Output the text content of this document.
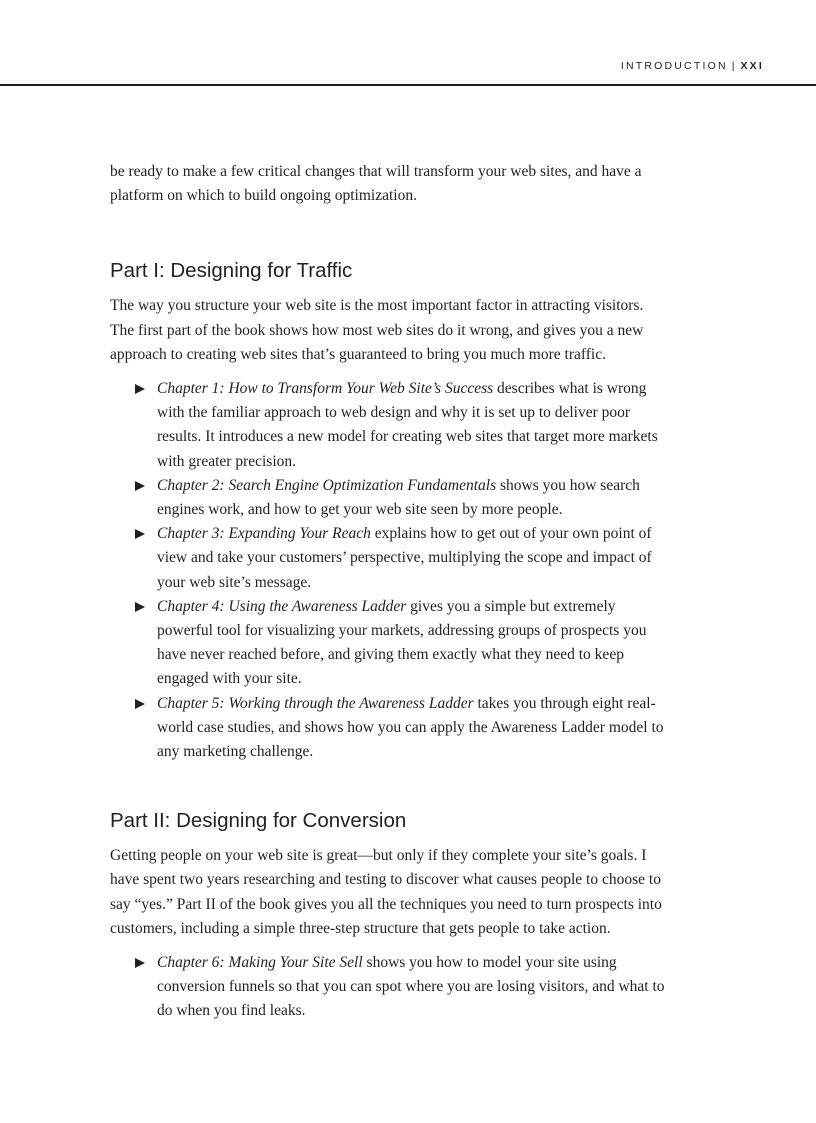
INTRODUCTION | XXI

be ready to make a few critical changes that will transform your web sites, and have a platform on which to build ongoing optimization.

Part I: Designing for Traffic

The way you structure your web site is the most important factor in attracting visitors. The first part of the book shows how most web sites do it wrong, and gives you a new approach to creating web sites that’s guaranteed to bring you much more traffic.

Chapter 1: How to Transform Your Web Site’s Success describes what is wrong with the familiar approach to web design and why it is set up to deliver poor results. It introduces a new model for creating web sites that target more markets with greater precision.
Chapter 2: Search Engine Optimization Fundamentals shows you how search engines work, and how to get your web site seen by more people.
Chapter 3: Expanding Your Reach explains how to get out of your own point of view and take your customers’ perspective, multiplying the scope and impact of your web site’s message.
Chapter 4: Using the Awareness Ladder gives you a simple but extremely powerful tool for visualizing your markets, addressing groups of prospects you have never reached before, and giving them exactly what they need to keep engaged with your site.
Chapter 5: Working through the Awareness Ladder takes you through eight real-world case studies, and shows how you can apply the Awareness Ladder model to any marketing challenge.
Part II: Designing for Conversion

Getting people on your web site is great—but only if they complete your site’s goals. I have spent two years researching and testing to discover what causes people to choose to say “yes.” Part II of the book gives you all the techniques you need to turn prospects into customers, including a simple three-step structure that gets people to take action.

Chapter 6: Making Your Site Sell shows you how to model your site using conversion funnels so that you can spot where you are losing visitors, and what to do when you find leaks.
